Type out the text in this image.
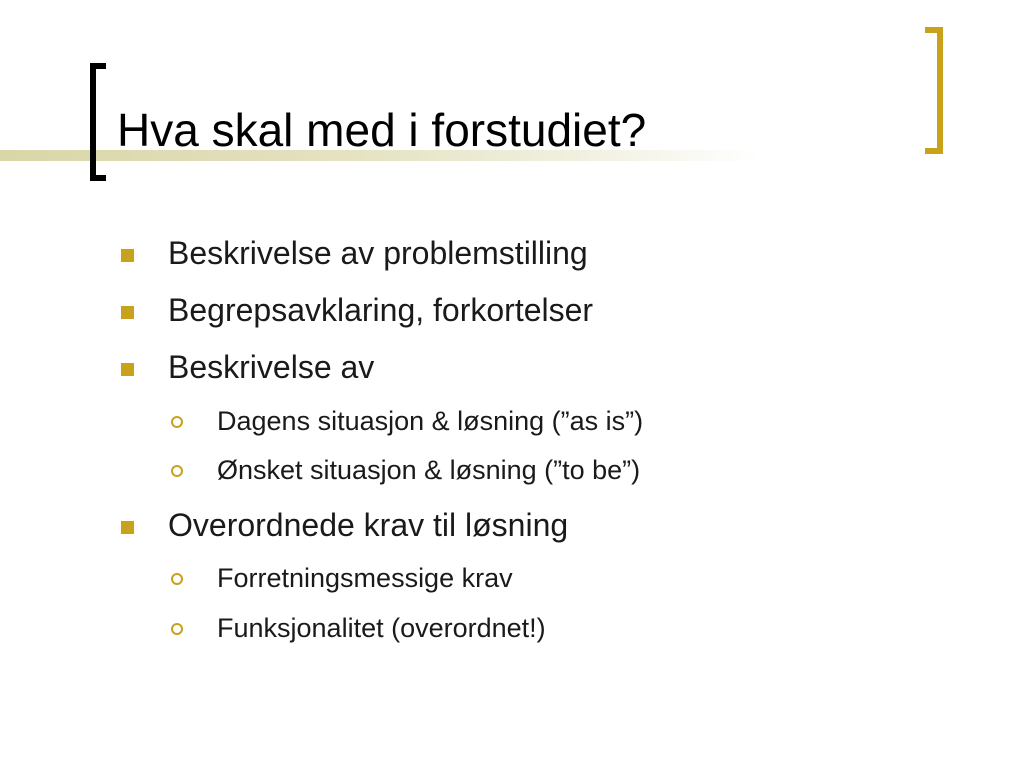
Hva skal med i forstudiet?
Beskrivelse av problemstilling
Begrepsavklaring, forkortelser
Beskrivelse av
Dagens situasjon & løsning (”as is”)
Ønsket situasjon & løsning (”to be”)
Overordnede krav til løsning
Forretningsmessige krav
Funksjonalitet (overordnet!)
